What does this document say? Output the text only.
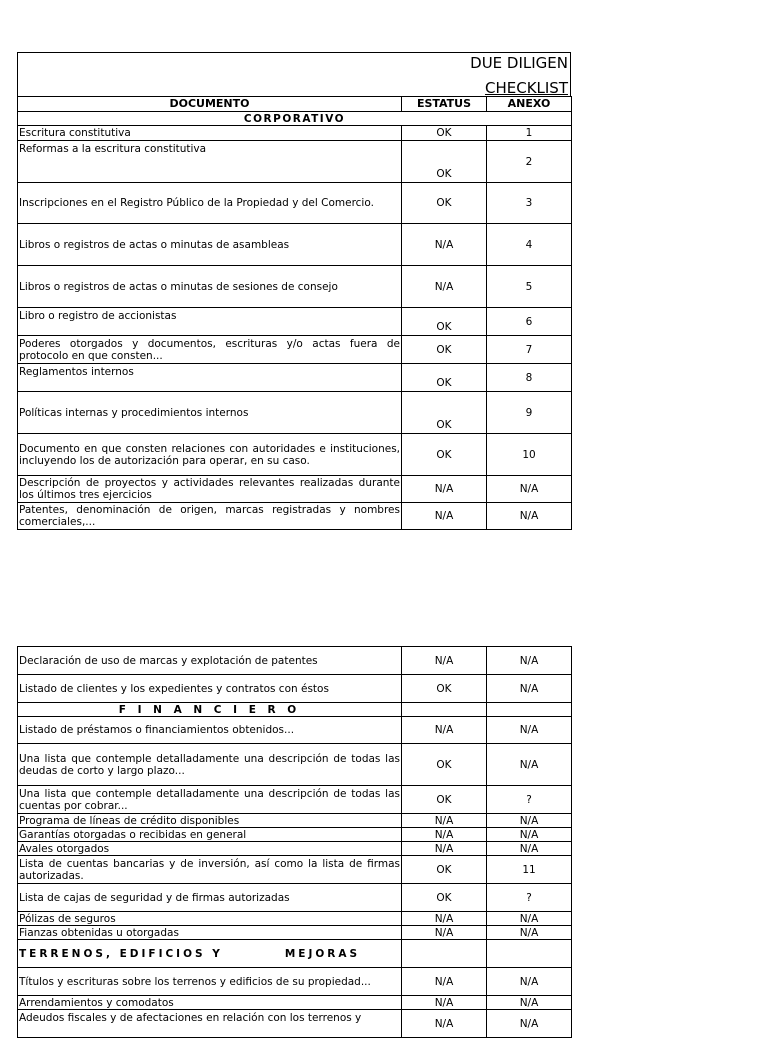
DUE DILIGEN
CHECKLIST
DOCUMENTO	ESTATUS	ANEXO
CORPORATIVO		
Escritura constitutiva	OK	1
Reformas a la escritura constitutiva	OK	2
Inscripciones en el Registro Público de la Propiedad y del Comercio.	OK	3
Libros o registros de actas o minutas de asambleas	N/A	4
Libros o registros de actas o minutas de sesiones de consejo	N/A	5
Libro o registro de accionistas	OK	6
Poderes otorgados y documentos, escrituras y/o actas fuera de protocolo en que consten...	OK	7
Reglamentos internos	OK	8
Políticas internas y procedimientos internos	OK	9
Documento en que consten relaciones con autoridades e instituciones, incluyendo los de autorización para operar, en su caso.	OK	10
Descripción de proyectos y actividades relevantes realizadas durante los últimos tres ejercicios	N/A	N/A
Patentes, denominación de origen, marcas registradas y nombres comerciales,...	N/A	N/A
Declaración de uso de marcas y explotación de patentes	N/A	N/A
Listado de clientes y los expedientes y contratos con éstos	OK	N/A
F I N A N C I E R O		
Listado de préstamos o financiamientos obtenidos...	N/A	N/A
Una lista que contemple detalladamente una descripción de todas las deudas de corto y largo plazo...	OK	N/A
Una lista que contemple detalladamente una descripción de todas las cuentas por cobrar...	OK	?
Programa de líneas de crédito disponibles	N/A	N/A
Garantías otorgadas o recibidas en general	N/A	N/A
Avales otorgados	N/A	N/A
Lista de cuentas bancarias y de inversión, así como la lista de firmas autorizadas.	OK	11
Lista de cajas de seguridad y de firmas autorizadas	OK	?
Pólizas de seguros	N/A	N/A
Fianzas obtenidas u otorgadas	N/A	N/A
TERRENOS, EDIFICIOS Y MEJORAS		
Títulos y escrituras sobre los terrenos y edificios de su propiedad...	N/A	N/A
Arrendamientos y comodatos	N/A	N/A
Adeudos fiscales y de afectaciones en relación con los terrenos y	N/A	N/A
